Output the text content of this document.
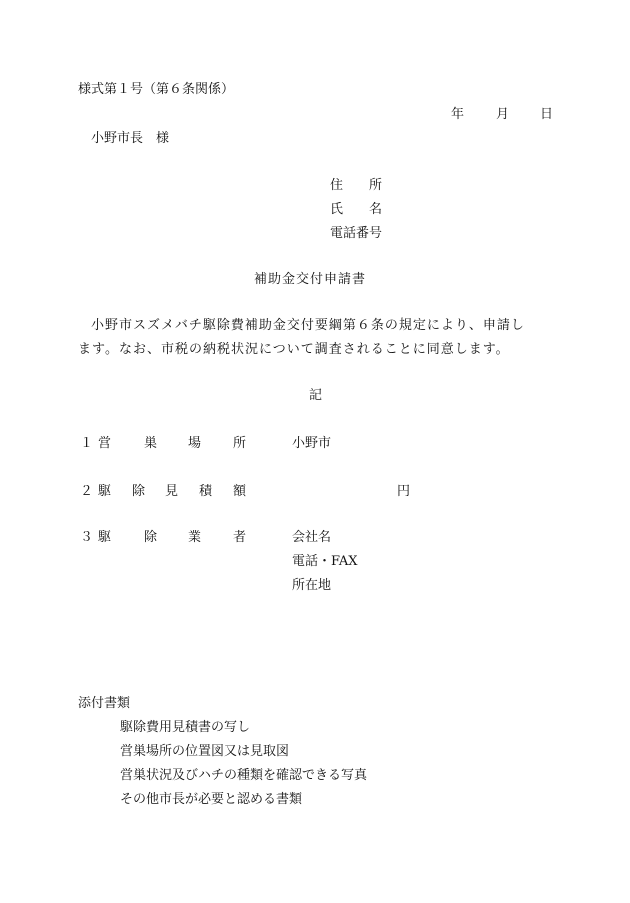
様式第１号（第６条関係）
年 月 日
小野市長　様
住　　所
氏　　名
電話番号
補助金交付申請書
小野市スズメバチ駆除費補助金交付要綱第６条の規定により、申請し
ます。なお、市税の納税状況について調査されることに同意します。
記
１ 営	巣 場 所	小野市
２ 駆 除 見 積 額	円
３ 駆	除 業 者	会社名
電話・FAX
所在地
添付書類
駆除費用見積書の写し
営巣場所の位置図又は見取図
営巣状況及びハチの種類を確認できる写真
その他市長が必要と認める書類
